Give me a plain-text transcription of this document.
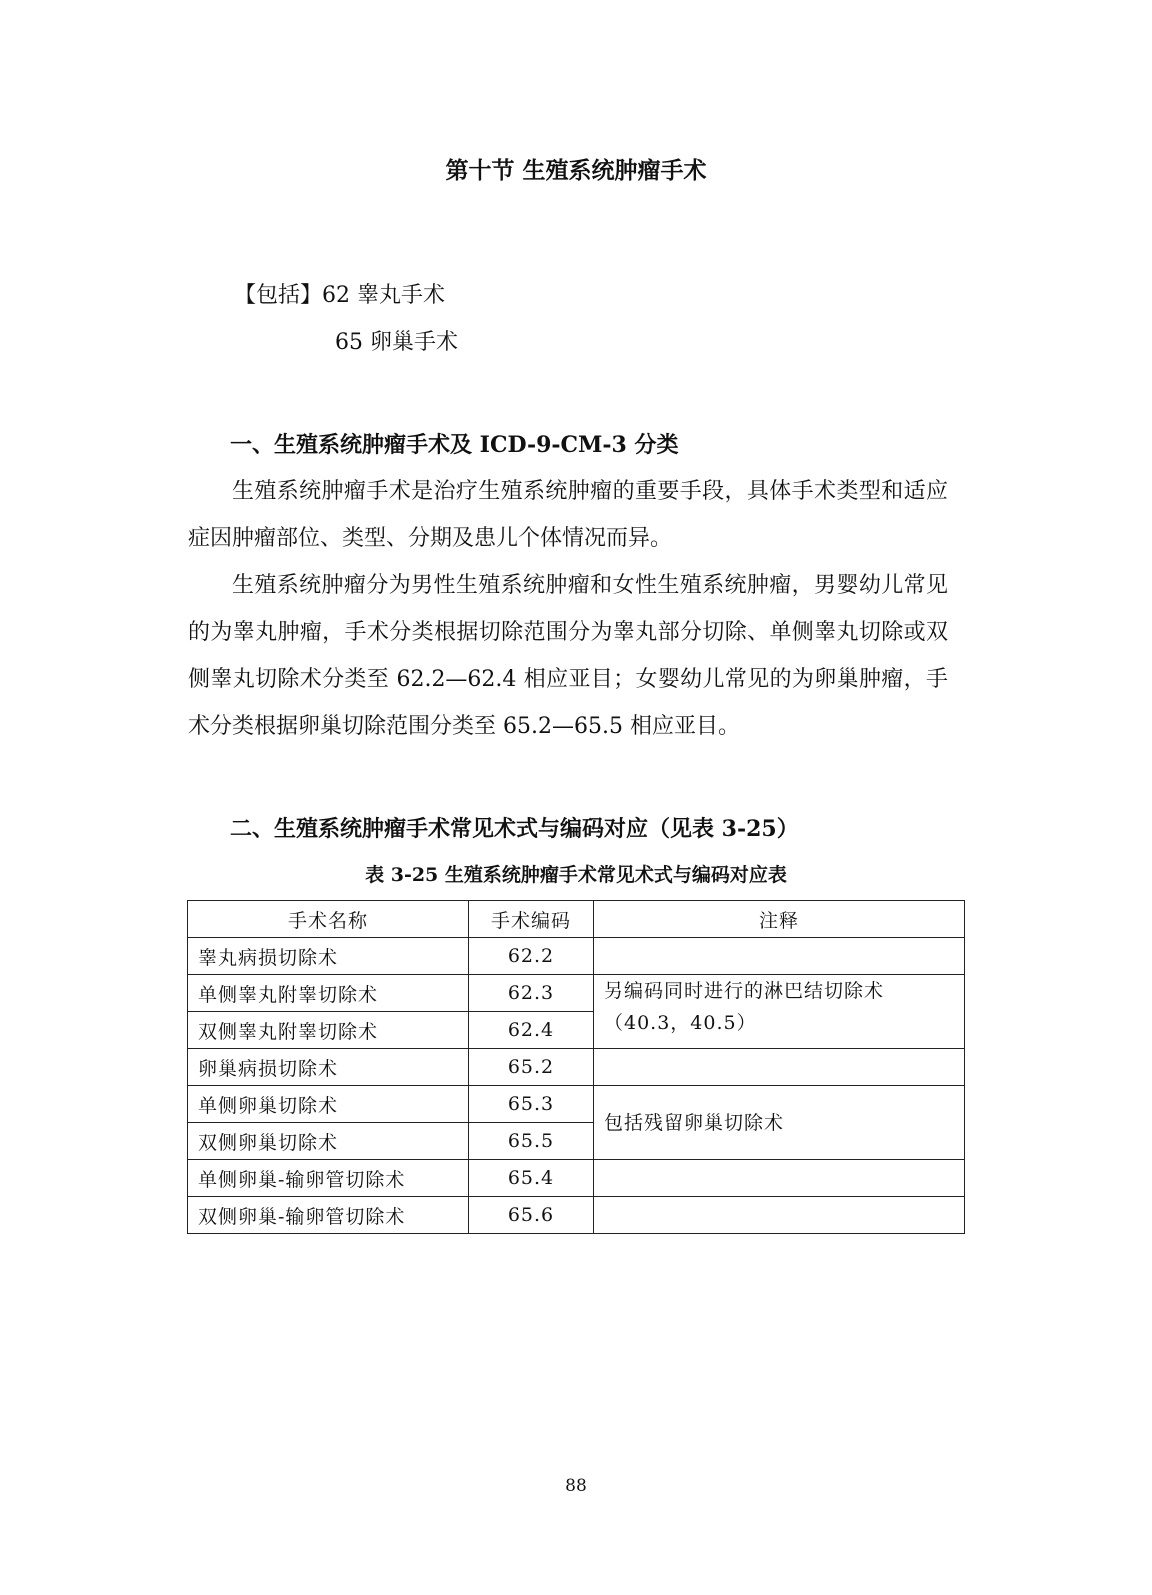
第十节 生殖系统肿瘤手术
【包括】62 睾丸手术
65 卵巢手术
一、生殖系统肿瘤手术及 ICD-9-CM-3 分类
生殖系统肿瘤手术是治疗生殖系统肿瘤的重要手段，具体手术类型和适应症因肿瘤部位、类型、分期及患儿个体情况而异。
生殖系统肿瘤分为男性生殖系统肿瘤和女性生殖系统肿瘤，男婴幼儿常见的为睾丸肿瘤，手术分类根据切除范围分为睾丸部分切除、单侧睾丸切除或双侧睾丸切除术分类至 62.2—62.4 相应亚目；女婴幼儿常见的为卵巢肿瘤，手术分类根据卵巢切除范围分类至 65.2—65.5 相应亚目。
二、生殖系统肿瘤手术常见术式与编码对应（见表 3-25）
表 3-25 生殖系统肿瘤手术常见术式与编码对应表
手术名称	手术编码	注释
睾丸病损切除术	62.2	
单侧睾丸附睾切除术	62.3	另编码同时进行的淋巴结切除术（40.3，40.5）
双侧睾丸附睾切除术	62.4	
卵巢病损切除术	65.2	
单侧卵巢切除术	65.3	包括残留卵巢切除术
双侧卵巢切除术	65.5	
单侧卵巢-输卵管切除术	65.4	
双侧卵巢-输卵管切除术	65.6	
88
